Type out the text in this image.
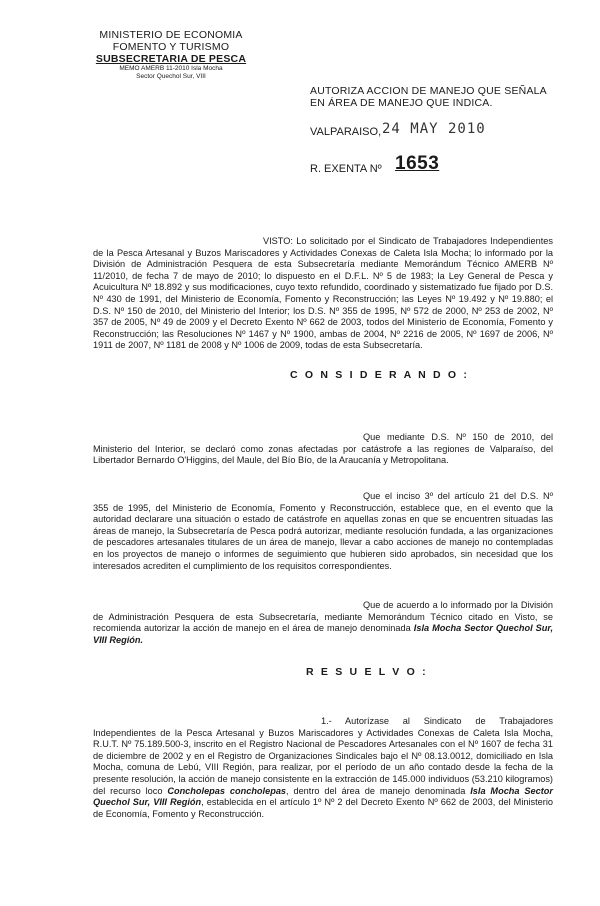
MINISTERIO DE ECONOMIA
FOMENTO Y TURISMO
SUBSECRETARIA DE PESCA
MEMO AMERB 11-2010 Isla Mocha
Sector Quechol Sur, VIII
AUTORIZA ACCION DE MANEJO QUE SEÑALA
EN ÁREA DE MANEJO QUE INDICA.
VALPARAISO, 24 MAY 2010
R. EXENTA Nº 1653
VISTO: Lo solicitado por el Sindicato de Trabajadores Independientes de la Pesca Artesanal y Buzos Mariscadores y Actividades Conexas de Caleta Isla Mocha; lo informado por la División de Administración Pesquera de esta Subsecretaría mediante Memorándum Técnico AMERB Nº 11/2010, de fecha 7 de mayo de 2010; lo dispuesto en el D.F.L. Nº 5 de 1983; la Ley General de Pesca y Acuicultura Nº 18.892 y sus modificaciones, cuyo texto refundido, coordinado y sistematizado fue fijado por D.S. Nº 430 de 1991, del Ministerio de Economía, Fomento y Reconstrucción; las Leyes Nº 19.492 y Nº 19.880; el D.S. Nº 150 de 2010, del Ministerio del Interior; los D.S. Nº 355 de 1995, Nº 572 de 2000, Nº 253 de 2002, Nº 357 de 2005, Nº 49 de 2009 y el Decreto Exento Nº 662 de 2003, todos del Ministerio de Economía, Fomento y Reconstrucción; las Resoluciones Nº 1467 y Nº 1900, ambas de 2004, Nº 2216 de 2005, Nº 1697 de 2006, Nº 1911 de 2007, Nº 1181 de 2008 y Nº 1006 de 2009, todas de esta Subsecretaría.
C O N S I D E R A N D O :
Que mediante D.S. Nº 150 de 2010, del Ministerio del Interior, se declaró como zonas afectadas por catástrofe a las regiones de Valparaíso, del Libertador Bernardo O'Higgins, del Maule, del Bío Bío, de la Araucanía y Metropolitana.
Que el inciso 3º del artículo 21 del D.S. Nº 355 de 1995, del Ministerio de Economía, Fomento y Reconstrucción, establece que, en el evento que la autoridad declarare una situación o estado de catástrofe en aquellas zonas en que se encuentren situadas las áreas de manejo, la Subsecretaría de Pesca podrá autorizar, mediante resolución fundada, a las organizaciones de pescadores artesanales titulares de un área de manejo, llevar a cabo acciones de manejo no contempladas en los proyectos de manejo o informes de seguimiento que hubieren sido aprobados, sin necesidad que los interesados acrediten el cumplimiento de los requisitos correspondientes.
Que de acuerdo a lo informado por la División de Administración Pesquera de esta Subsecretaría, mediante Memorándum Técnico citado en Visto, se recomienda autorizar la acción de manejo en el área de manejo denominada Isla Mocha Sector Quechol Sur, VIII Región.
R E S U E L V O :
1.- Autorízase al Sindicato de Trabajadores Independientes de la Pesca Artesanal y Buzos Mariscadores y Actividades Conexas de Caleta Isla Mocha, R.U.T. Nº 75.189.500-3, inscrito en el Registro Nacional de Pescadores Artesanales con el Nº 1607 de fecha 31 de diciembre de 2002 y en el Registro de Organizaciones Sindicales bajo el Nº 08.13.0012, domiciliado en Isla Mocha, comuna de Lebú, VIII Región, para realizar, por el período de un año contado desde la fecha de la presente resolución, la acción de manejo consistente en la extracción de 145.000 individuos (53.210 kilogramos) del recurso loco Concholepas concholepas, dentro del área de manejo denominada Isla Mocha Sector Quechol Sur, VIII Región, establecida en el artículo 1º Nº 2 del Decreto Exento Nº 662 de 2003, del Ministerio de Economía, Fomento y Reconstrucción.
